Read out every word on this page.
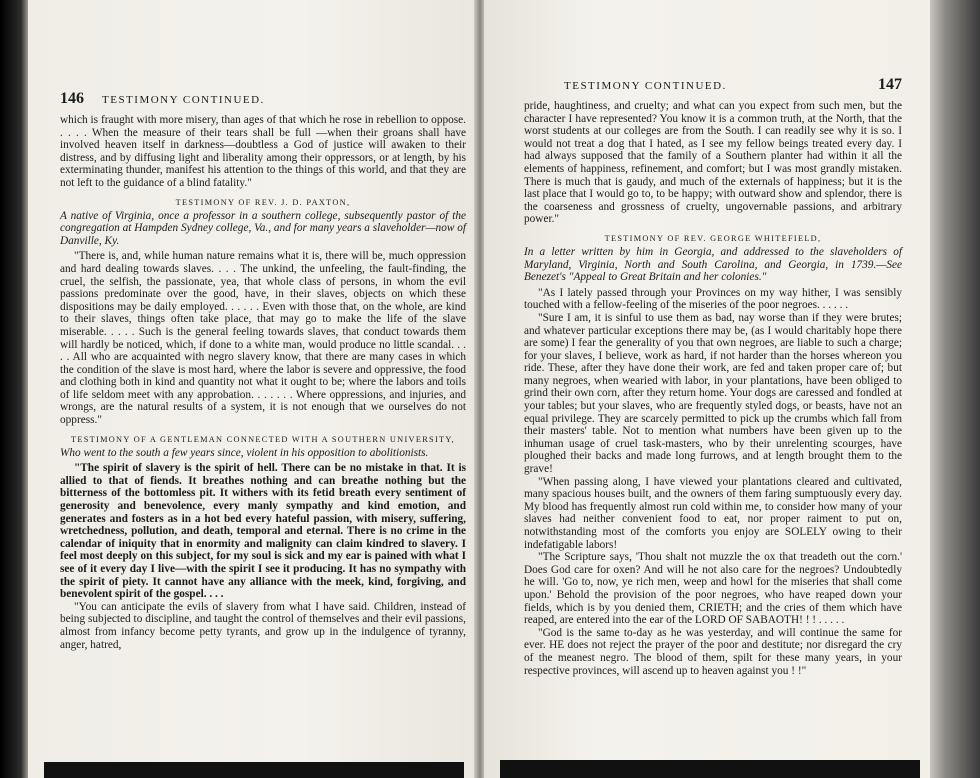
146 TESTIMONY CONTINUED.

which is fraught with more misery, than ages of that which he rose in rebellion to oppose. . . . . When the measure of their tears shall be full —when their groans shall have involved heaven itself in darkness—doubtless a God of justice will awaken to their distress, and by diffusing light and liberality among their oppressors, or at length, by his exterminating thunder, manifest his attention to the things of this world, and that they are not left to the guidance of a blind fatality."

TESTIMONY OF REV. J. D. PAXTON,

A native of Virginia, once a professor in a southern college, subsequently pastor of the congregation at Hampden Sydney college, Va., and for many years a slaveholder—now of Danville, Ky.

"There is, and, while human nature remains what it is, there will be, much oppression and hard dealing towards slaves. . . . The unkind, the unfeeling, the fault-finding, the cruel, the selfish, the passionate, yea, that whole class of persons, in whom the evil passions predominate over the good, have, in their slaves, objects on which these dispositions may be daily employed. . . . . . Even with those that, on the whole, are kind to their slaves, things often take place, that may go to make the life of the slave miserable. . . . . Such is the general feeling towards slaves, that conduct towards them will hardly be noticed, which, if done to a white man, would produce no little scandal. . . . . All who are acquainted with negro slavery know, that there are many cases in which the condition of the slave is most hard, where the labor is severe and oppressive, the food and clothing both in kind and quantity not what it ought to be; where the labors and toils of life seldom meet with any approbation. . . . . . . Where oppressions, and injuries, and wrongs, are the natural results of a system, it is not enough that we ourselves do not oppress."

TESTIMONY OF A GENTLEMAN CONNECTED WITH A SOUTHERN UNIVERSITY,

Who went to the south a few years since, violent in his opposition to abolitionists.

"The spirit of slavery is the spirit of hell. There can be no mistake in that. It is allied to that of fiends. It breathes nothing and can breathe nothing but the bitterness of the bottomless pit. It withers with its fetid breath every sentiment of generosity and benevolence, every manly sympathy and kind emotion, and generates and fosters as in a hot bed every hateful passion, with misery, suffering, wretchedness, pollution, and death, temporal and eternal. There is no crime in the calendar of iniquity that in enormity and malignity can claim kindred to slavery. I feel most deeply on this subject, for my soul is sick and my ear is pained with what I see of it every day I live—with the spirit I see it producing. It has no sympathy with the spirit of piety. It cannot have any alliance with the meek, kind, forgiving, and benevolent spirit of the gospel. . . .

"You can anticipate the evils of slavery from what I have said. Children, instead of being subjected to discipline, and taught the control of themselves and their evil passions, almost from infancy become petty tyrants, and grow up in the indulgence of tyranny, anger, hatred,

TESTIMONY CONTINUED.	147

pride, haughtiness, and cruelty; and what can you expect from such men, but the character I have represented? You know it is a common truth, at the North, that the worst students at our colleges are from the South. I can readily see why it is so. I would not treat a dog that I hated, as I see my fellow beings treated every day. I had always supposed that the family of a Southern planter had within it all the elements of happiness, refinement, and comfort; but I was most grandly mistaken. There is much that is gaudy, and much of the externals of happiness; but it is the last place that I would go to, to be happy; with outward show and splendor, there is the coarseness and grossness of cruelty, ungovernable passions, and arbitrary power."

TESTIMONY OF REV. GEORGE WHITEFIELD,

In a letter written by him in Georgia, and addressed to the slaveholders of Maryland, Virginia, North and South Carolina, and Georgia, in 1739.—See Benezet's "Appeal to Great Britain and her colonies."

"As I lately passed through your Provinces on my way hither, I was sensibly touched with a fellow-feeling of the miseries of the poor negroes. . . . . .

"Sure I am, it is sinful to use them as bad, nay worse than if they were brutes; and whatever particular exceptions there may be, (as I would charitably hope there are some) I fear the generality of you that own negroes, are liable to such a charge; for your slaves, I believe, work as hard, if not harder than the horses whereon you ride. These, after they have done their work, are fed and taken proper care of; but many negroes, when wearied with labor, in your plantations, have been obliged to grind their own corn, after they return home. Your dogs are caressed and fondled at your tables; but your slaves, who are frequently styled dogs, or beasts, have not an equal privilege. They are scarcely permitted to pick up the crumbs which fall from their masters' table. Not to mention what numbers have been given up to the inhuman usage of cruel task-masters, who by their unrelenting scourges, have ploughed their backs and made long furrows, and at length brought them to the grave!

"When passing along, I have viewed your plantations cleared and cultivated, many spacious houses built, and the owners of them faring sumptuously every day. My blood has frequently almost run cold within me, to consider how many of your slaves had neither convenient food to eat, nor proper raiment to put on, notwithstanding most of the comforts you enjoy are SOLELY owing to their indefatigable labors!

"The Scripture says, 'Thou shalt not muzzle the ox that treadeth out the corn.' Does God care for oxen? And will he not also care for the negroes? Undoubtedly he will. 'Go to, now, ye rich men, weep and howl for the miseries that shall come upon.' Behold the provision of the poor negroes, who have reaped down your fields, which is by you denied them, CRIETH; and the cries of them which have reaped, are entered into the ear of the LORD OF SABAOTH! ! ! . . . . .

"God is the same to-day as he was yesterday, and will continue the same for ever. HE does not reject the prayer of the poor and destitute; nor disregard the cry of the meanest negro. The blood of them, spilt for these many years, in your respective provinces, will ascend up to heaven against you ! !"
